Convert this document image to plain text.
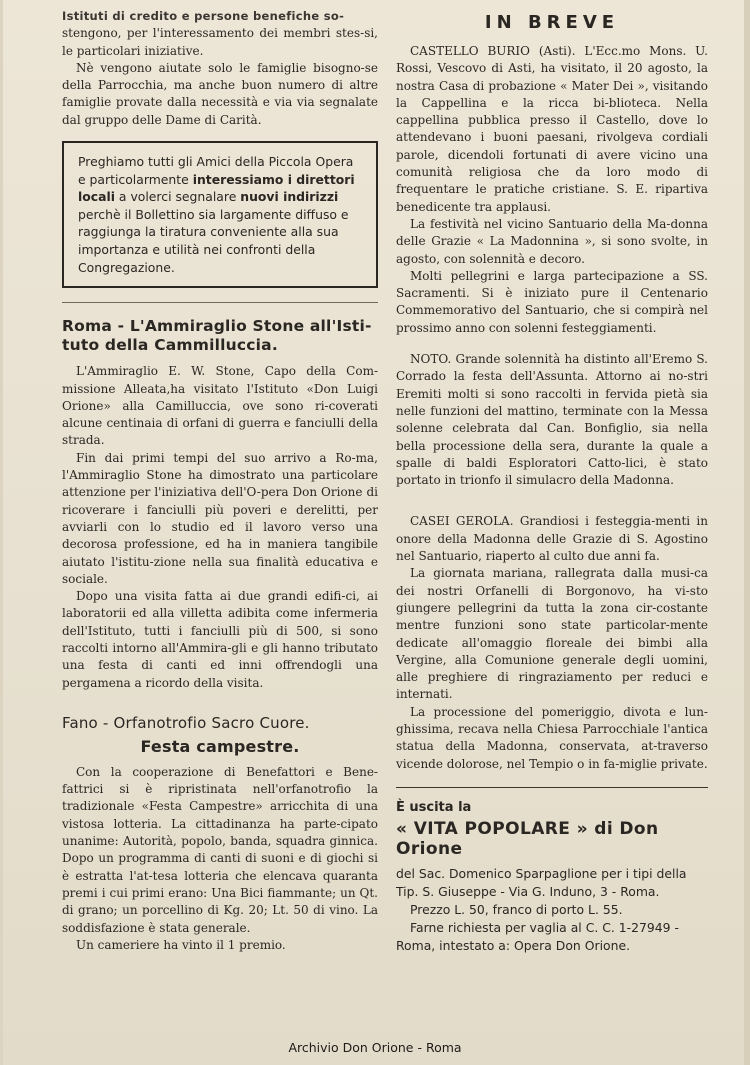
Istituti di credito e persone benefiche so-

stengono, per l'interessamento dei membri stes-si, le particolari iniziative.

Nè vengono aiutate solo le famiglie bisogno-se della Parrocchia, ma anche buon numero di altre famiglie provate dalla necessità e via via segnalate dal gruppo delle Dame di Carità.

Preghiamo tutti gli Amici della Piccola Opera e particolarmente interessiamo i direttori locali a volerci segnalare nuovi indirizzi perchè il Bollettino sia largamente diffuso e raggiunga la tiratura conveniente alla sua importanza e utilità nei confronti della Congregazione.
Roma - L'Ammiraglio Stone all'Isti-tuto della Cammilluccia.

L'Ammiraglio E. W. Stone, Capo della Com-missione Alleata,ha visitato l'Istituto «Don Luigi Orione» alla Camilluccia, ove sono ri-coverati alcune centinaia di orfani di guerra e fanciulli della strada.

Fin dai primi tempi del suo arrivo a Ro-ma, l'Ammiraglio Stone ha dimostrato una particolare attenzione per l'iniziativa dell'O-pera Don Orione di ricoverare i fanciulli più poveri e derelitti, per avviarli con lo studio ed il lavoro verso una decorosa professione, ed ha in maniera tangibile aiutato l'istitu-zione nella sua finalità educativa e sociale.

Dopo una visita fatta ai due grandi edifi-ci, ai laboratorii ed alla villetta adibita come infermeria dell'Istituto, tutti i fanciulli più di 500, si sono raccolti intorno all'Ammira-gli e gli hanno tributato una festa di canti ed inni offrendogli una pergamena a ricordo della visita.

Fano - Orfanotrofio Sacro Cuore.
Festa campestre.

Con la cooperazione di Benefattori e Bene-fattrici si è ripristinata nell'orfanotrofio la tradizionale «Festa Campestre» arricchita di una vistosa lotteria. La cittadinanza ha parte-cipato unanime: Autorità, popolo, banda, squadra ginnica. Dopo un programma di canti di suoni e di giochi si è estratta l'at-tesa lotteria che elencava quaranta premi i cui primi erano: Una Bici fiammante; un Qt. di grano; un porcellino di Kg. 20; Lt. 50 di vino. La soddisfazione è stata generale.

Un cameriere ha vinto il 1 premio.

IN BREVE

CASTELLO BURIO (Asti). L'Ecc.mo Mons. U. Rossi, Vescovo di Asti, ha visitato, il 20 agosto, la nostra Casa di probazione « Mater Dei », visitando la Cappellina e la ricca bi-blioteca. Nella cappellina pubblica presso il Castello, dove lo attendevano i buoni paesani, rivolgeva cordiali parole, dicendoli fortunati di avere vicino una comunità religiosa che da loro modo di frequentare le pratiche cristiane. S. E. ripartiva benedicente tra applausi.

La festività nel vicino Santuario della Ma-donna delle Grazie « La Madonnina », si sono svolte, in agosto, con solennità e decoro.

Molti pellegrini e larga partecipazione a SS. Sacramenti. Si è iniziato pure il Centenario Commemorativo del Santuario, che si compirà nel prossimo anno con solenni festeggiamenti.

NOTO. Grande solennità ha distinto all'Eremo S. Corrado la festa dell'Assunta. Attorno ai no-stri Eremiti molti si sono raccolti in fervida pietà sia nelle funzioni del mattino, terminate con la Messa solenne celebrata dal Can. Bonfiglio, sia nella bella processione della sera, durante la quale a spalle di baldi Esploratori Catto-lici, è stato portato in trionfo il simulacro della Madonna.

CASEI GEROLA. Grandiosi i festeggia-menti in onore della Madonna delle Grazie di S. Agostino nel Santuario, riaperto al culto due anni fa.

La giornata mariana, rallegrata dalla musi-ca dei nostri Orfanelli di Borgonovo, ha vi-sto giungere pellegrini da tutta la zona cir-costante mentre funzioni sono state particolar-mente dedicate all'omaggio floreale dei bimbi alla Vergine, alla Comunione generale degli uomini, alle preghiere di ringraziamento per reduci e internati.

La processione del pomeriggio, divota e lun-ghissima, recava nella Chiesa Parrocchiale l'antica statua della Madonna, conservata, at-traverso vicende dolorose, nel Tempio o in fa-miglie private.

È uscita la
« VITA POPOLARE » di Don Orione
del Sac. Domenico Sparpaglione per i tipi della Tip. S. Giuseppe - Via G. Induno, 3 - Roma.
Prezzo L. 50, franco di porto L. 55.
Farne richiesta per vaglia al C. C. 1-27949 - Roma, intestato a: Opera Don Orione.
Archivio Don Orione - Roma
